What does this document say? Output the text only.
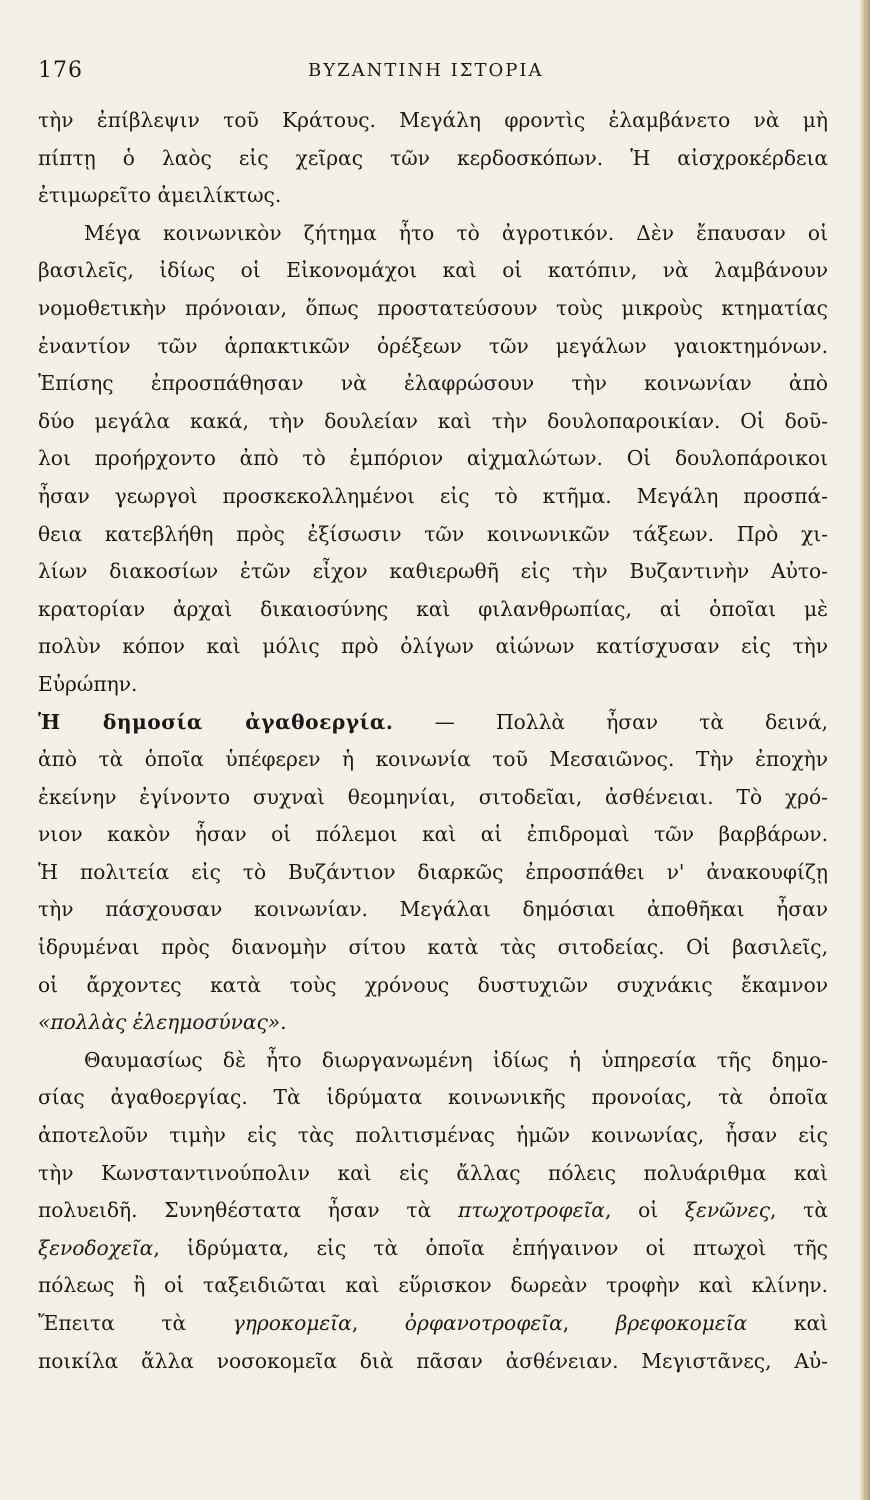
176	ΒΥΖΑΝΤΙΝΗ ΙΣΤΟΡΙΑ
τὴν ἐπίβλεψιν τοῦ Κράτους. Μεγάλη φροντὶς ἐλαμβάνετο νὰ μὴ
πίπτῃ ὁ λαὸς εἰς χεῖρας τῶν κερδοσκόπων. Ἡ αἰσχροκέρδεια
ἐτιμωρεῖτο ἀμειλίκτως.
Μέγα κοινωνικὸν ζήτημα ἦτο τὸ ἀγροτικόν. Δὲν ἔπαυσαν οἱ
βασιλεῖς, ἰδίως οἱ Εἰκονομάχοι καὶ οἱ κατόπιν, νὰ λαμβάνουν
νομοθετικὴν πρόνοιαν, ὅπως προστατεύσουν τοὺς μικροὺς κτηματίας
ἐναντίον τῶν ἁρπακτικῶν ὀρέξεων τῶν μεγάλων γαιοκτημόνων.
Ἐπίσης ἐπροσπάθησαν νὰ ἐλαφρώσουν τὴν κοινωνίαν ἀπὸ
δύο μεγάλα κακά, τὴν δουλείαν καὶ τὴν δουλοπαροικίαν. Οἱ δοῦ-
λοι προήρχοντο ἀπὸ τὸ ἐμπόριον αἰχμαλώτων. Οἱ δουλοπάροικοι
ἦσαν γεωργοὶ προσκεκολλημένοι εἰς τὸ κτῆμα. Μεγάλη προσπά-
θεια κατεβλήθη πρὸς ἐξίσωσιν τῶν κοινωνικῶν τάξεων. Πρὸ χι-
λίων διακοσίων ἐτῶν εἶχον καθιερωθῆ εἰς τὴν Βυζαντινὴν Αὐτο-
κρατορίαν ἀρχαὶ δικαιοσύνης καὶ φιλανθρωπίας, αἱ ὁποῖαι μὲ
πολὺν κόπον καὶ μόλις πρὸ ὀλίγων αἰώνων κατίσχυσαν εἰς τὴν
Εὐρώπην.
Ἡ δημοσία ἀγαθοεργία. — Πολλὰ ἦσαν τὰ δεινά,
ἀπὸ τὰ ὁποῖα ὑπέφερεν ἡ κοινωνία τοῦ Μεσαιῶνος. Τὴν ἐποχὴν
ἐκείνην ἐγίνοντο συχναὶ θεομηνίαι, σιτοδεῖαι, ἀσθένειαι. Τὸ χρό-
νιον κακὸν ἦσαν οἱ πόλεμοι καὶ αἱ ἐπιδρομαὶ τῶν βαρβάρων.
Ἡ πολιτεία εἰς τὸ Βυζάντιον διαρκῶς ἐπροσπάθει ν' ἀνακουφίζῃ
τὴν πάσχουσαν κοινωνίαν. Μεγάλαι δημόσιαι ἀποθῆκαι ἦσαν
ἱδρυμέναι πρὸς διανομὴν σίτου κατὰ τὰς σιτοδείας. Οἱ βασιλεῖς,
οἱ ἄρχοντες κατὰ τοὺς χρόνους δυστυχιῶν συχνάκις ἔκαμνον
«πολλὰς ἐλεημοσύνας».
Θαυμασίως δὲ ἦτο διωργανωμένη ἰδίως ἡ ὑπηρεσία τῆς δημο-
σίας ἀγαθοεργίας. Τὰ ἱδρύματα κοινωνικῆς προνοίας, τὰ ὁποῖα
ἀποτελοῦν τιμὴν εἰς τὰς πολιτισμένας ἡμῶν κοινωνίας, ἦσαν εἰς
τὴν Κωνσταντινούπολιν καὶ εἰς ἄλλας πόλεις πολυάριθμα καὶ
πολυειδῆ. Συνηθέστατα ἦσαν τὰ πτωχοτροφεῖα, οἱ ξενῶνες, τὰ
ξενοδοχεῖα, ἱδρύματα, εἰς τὰ ὁποῖα ἐπήγαινον οἱ πτωχοὶ τῆς
πόλεως ἢ οἱ ταξειδιῶται καὶ εὕρισκον δωρεὰν τροφὴν καὶ κλίνην.
Ἔπειτα τὰ γηροκομεῖα, ὀρφανοτροφεῖα, βρεφοκομεῖα καὶ
ποικίλα ἄλλα νοσοκομεῖα διὰ πᾶσαν ἀσθένειαν. Μεγιστᾶνες, Αὐ-
